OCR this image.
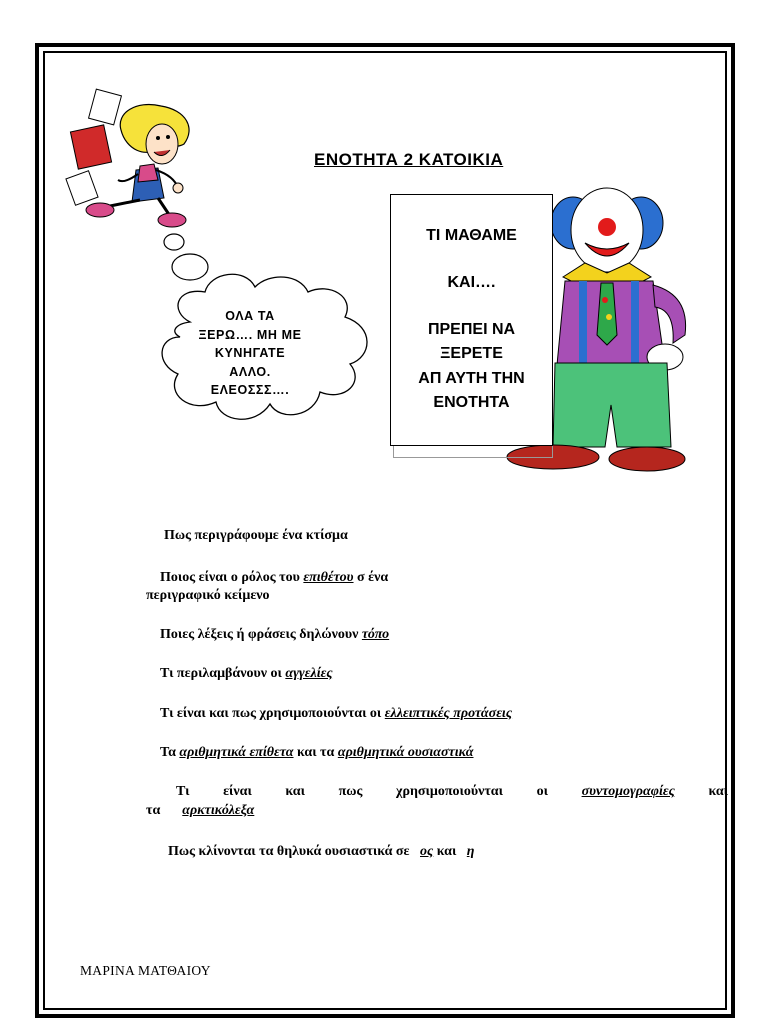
ΟΛΑ ΤΑ
ΞΕΡΩ…. ΜΗ ΜΕ
ΚΥΝΗΓΑΤΕ
ΑΛΛΟ.
ΕΛΕΟΣΣΣ….
ΕΝΟΤΗΤΑ 2 ΚΑΤΟΙΚΙΑ
ΤΙ ΜΑΘΑΜΕ
ΚΑΙ….
ΠΡΕΠΕΙ ΝΑ
ΞΕΡΕΤΕ
ΑΠ ΑΥΤΗ ΤΗΝ
ΕΝΟΤΗΤΑ
Πως περιγράφουμε ένα κτίσμα
Ποιος είναι ο ρόλος του επιθέτου σ ένα
περιγραφικό κείμενο
Ποιες λέξεις ή φράσεις δηλώνουν τόπο
Τι περιλαμβάνουν οι αγγελίες
Τι είναι και πως χρησιμοποιούνται οι ελλειπτικές προτάσεις
Τα αριθμητικά επίθετα και τα αριθμητικά ουσιαστικά
Τι είναι και πως χρησιμοποιούνται οι συντομογραφίες και
τα αρκτικόλεξα
Πως κλίνονται τα θηλυκά ουσιαστικά σε   ος και   η
ΜΑΡΙΝΑ ΜΑΤΘΑΙΟΥ
